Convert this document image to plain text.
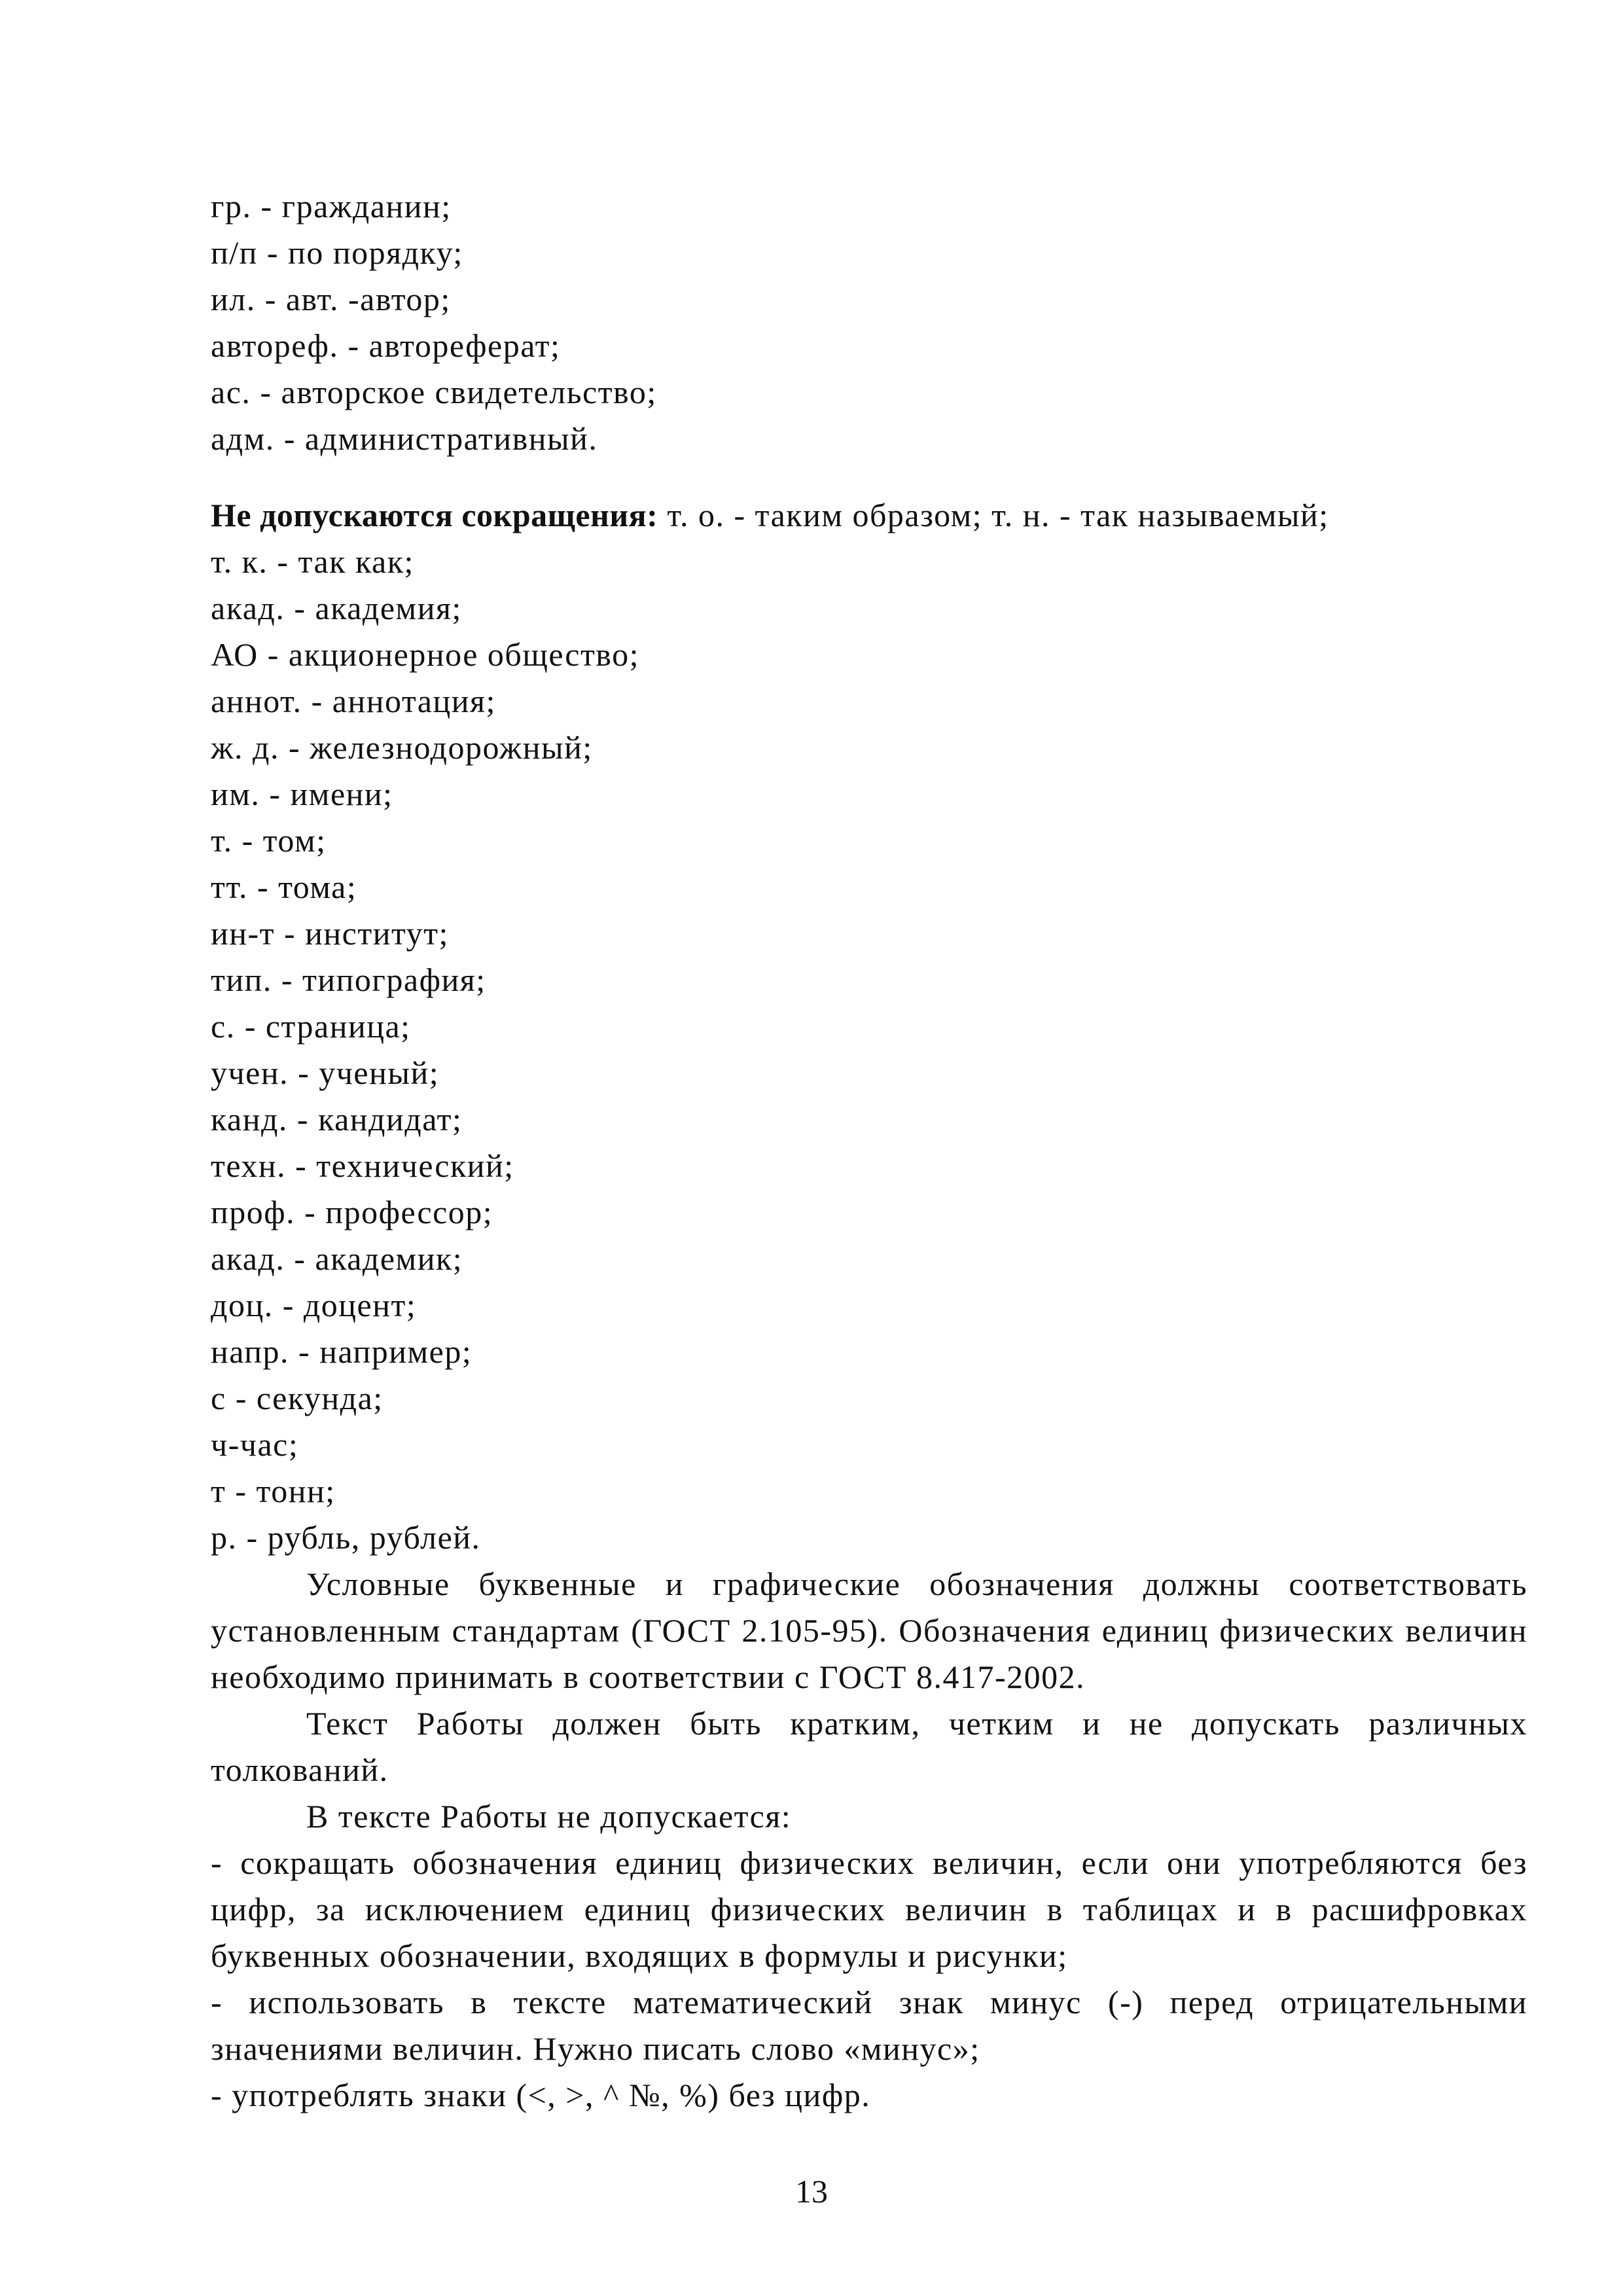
гр. - гражданин;
п/п - по порядку;
ил. - авт. -автор;
автореф. - автореферат;
ас. - авторское свидетельство;
адм. - административный.
Не допускаются сокращения: т. о. - таким образом; т. н. - так называемый;
т. к. - так как;
акад. - академия;
АО - акционерное общество;
аннот. - аннотация;
ж. д. - железнодорожный;
им. - имени;
т. - том;
тт. - тома;
ин-т - институт;
тип. - типография;
с. - страница;
учен. - ученый;
канд. - кандидат;
техн. - технический;
проф. - профессор;
акад. - академик;
доц. - доцент;
напр. - например;
с - секунда;
ч-час;
т - тонн;
р. - рубль, рублей.
Условные буквенные и графические обозначения должны соответствовать установленным стандартам (ГОСТ 2.105-95). Обозначения единиц физических величин необходимо принимать в соответствии с ГОСТ 8.417-2002.
Текст Работы должен быть кратким, четким и не допускать различных толкований.
В тексте Работы не допускается:
- сокращать обозначения единиц физических величин, если они употребляются без цифр, за исключением единиц физических величин в таблицах и в расшифровках буквенных обозначении, входящих в формулы и рисунки;
- использовать в тексте математический знак минус (-) перед отрицательными значениями величин. Нужно писать слово «минус»;
- употреблять знаки (<, >, ^ №, %) без цифр.
13
